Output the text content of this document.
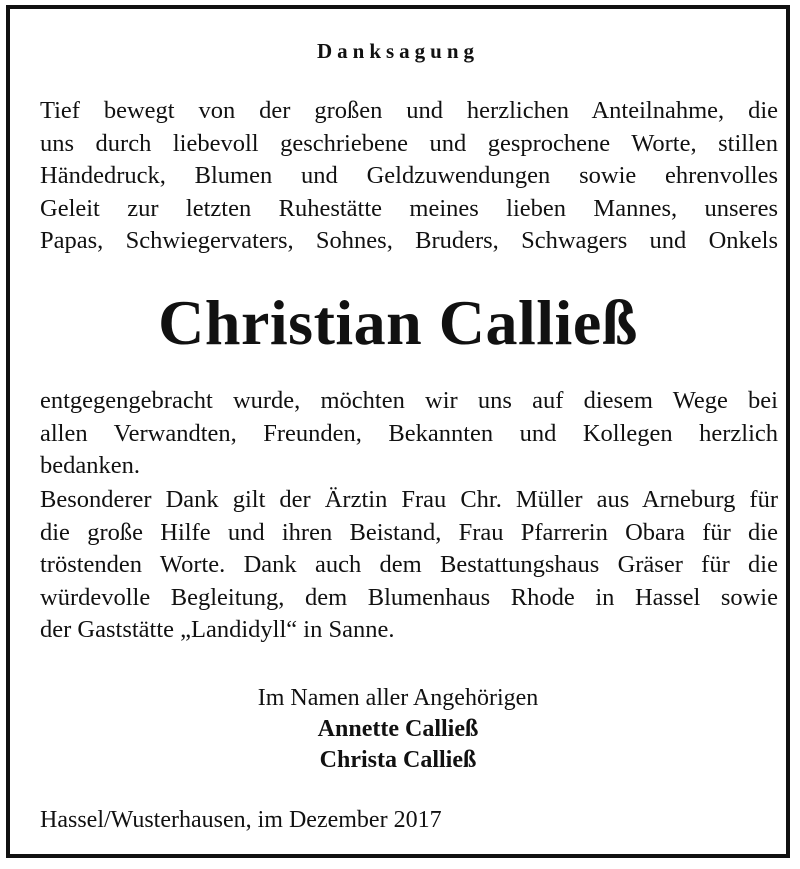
Danksagung
Tief bewegt von der großen und herzlichen Anteilnahme, die
uns durch liebevoll geschriebene und gesprochene Worte, stillen
Händedruck, Blumen und Geldzuwendungen sowie ehrenvolles
Geleit zur letzten Ruhestätte meines lieben Mannes, unseres
Papas, Schwiegervaters, Sohnes, Bruders, Schwagers und Onkels
Christian Calließ
entgegengebracht wurde, möchten wir uns auf diesem Wege bei
allen Verwandten, Freunden, Bekannten und Kollegen herzlich
bedanken.
Besonderer Dank gilt der Ärztin Frau Chr. Müller aus Arneburg für
die große Hilfe und ihren Beistand, Frau Pfarrerin Obara für die
tröstenden Worte. Dank auch dem Bestattungshaus Gräser für die
würdevolle Begleitung, dem Blumenhaus Rhode in Hassel sowie
der Gaststätte „Landidyll“ in Sanne.
Im Namen aller Angehörigen
Annette Calließ
Christa Calließ
Hassel/Wusterhausen, im Dezember 2017
